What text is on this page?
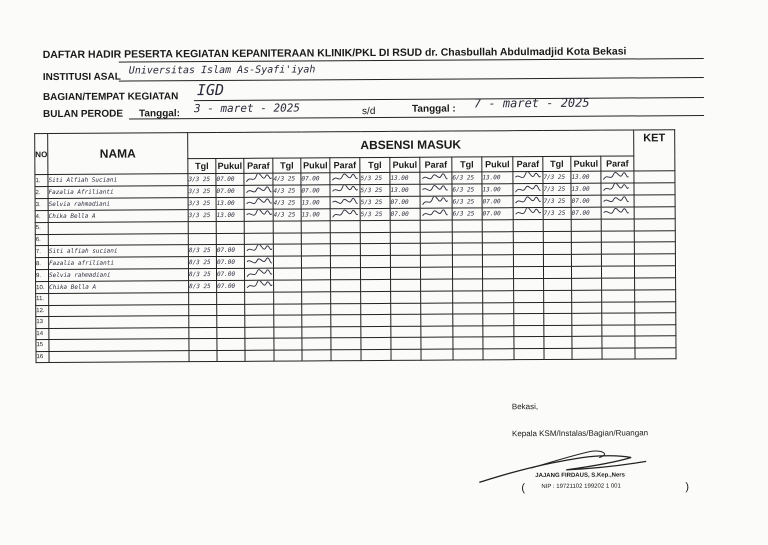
DAFTAR HADIR PESERTA KEGIATAN KEPANITERAAN KLINIK/PKL DI RSUD dr. Chasbullah Abdulmadjid Kota Bekasi
INSTITUSI ASAL
Universitas Islam As-Syafi'iyah
BAGIAN/TEMPAT KEGIATAN IGD
BULAN PERODE Tanggal: 3 - maret - 2025	s/d	Tanggal : 7 - maret - 2025
NO	NAMA	ABSENSI MASUK															KET
		Tgl	Pukul	Paraf	Tgl	Pukul	Paraf	Tgl	Pukul	Paraf	Tgl	Pukul	Paraf	Tgl	Pukul	Paraf	
1.	Siti Alfiah Suciani	3/3 25	07.00		4/3 25	07.00		5/3 25	13.00		6/3 25	13.00		7/3 25	13.00	

2.	Fazalia Afrilianti	3/3 25	07.00		4/3 25	07.00		5/3 25	13.00		6/3 25	13.00		7/3 25	13.00	

3.	Selvia rahmadiani	3/3 25	13.00		4/3 25	13.00		5/3 25	07.00		6/3 25	07.00		7/3 25	07.00	

4.	Chika Bella A	3/3 25	13.00		4/3 25	13.00		5/3 25	07.00		6/3 25	07.00		7/3 25	07.00	

5.																	
6.																	
7.	Siti alfiah suciani	8/3 25	07.00	

8.	Fazalia afrilianti	8/3 25	07.00	

9.	Selvia rahmadiani	8/3 25	07.00	

10.	Chika Bella A	8/3 25	07.00	

11.																	
12.																	
13																	
14																	
15																	
16																	
Bekasi,
Kepala KSM/Instalas/Bagian/Ruangan
JAJANG FIRDAUS, S.Kep.,Ners
NIP : 19721102 199202 1 001
(	)
